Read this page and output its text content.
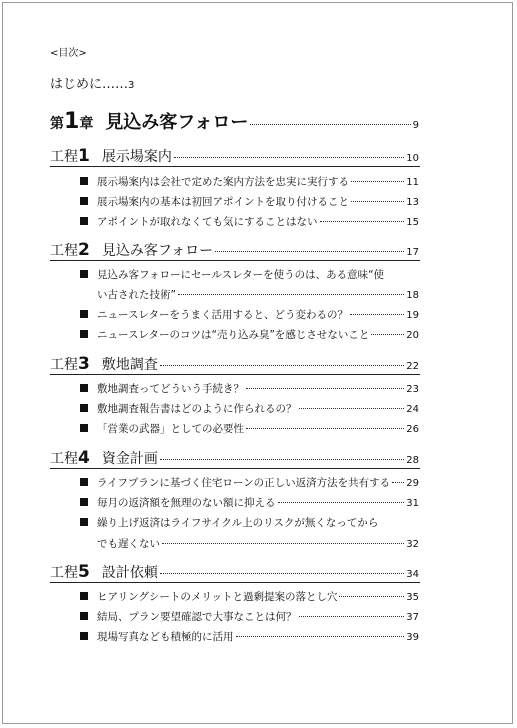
<目次>
はじめに …… 3
第 1 章 見込み客フォロー	9
工程 1 展示場案内	10
展示場案内は会社で定めた案内方法を忠実に実行する	11
展示場案内の基本は初回アポイントを取り付けること	13
アポイントが取れなくても気にすることはない	15
工程 2 見込み客フォロー	17
見込み客フォローにセールスレターを使うのは、ある意味“使
い古された技術”	18
ニュースレターをうまく活用すると、どう変わるの？	19
ニュースレターのコツは“売り込み臭”を感じさせないこと	20
工程 3 敷地調査	22
敷地調査ってどういう手続き？	23
敷地調査報告書はどのように作られるの？	24
「営業の武器」としての必要性	26
工程 4 資金計画	28
ライフプランに基づく住宅ローンの正しい返済方法を共有する 29
毎月の返済額を無理のない額に抑える	31
繰り上げ返済はライフサイクル上のリスクが無くなってから
でも遅くない	32
工程 5 設計依頼	34
ヒアリングシートのメリットと過剰提案の落とし穴	35
結局、プラン要望確認で大事なことは何？	37
現場写真なども積極的に活用	39
